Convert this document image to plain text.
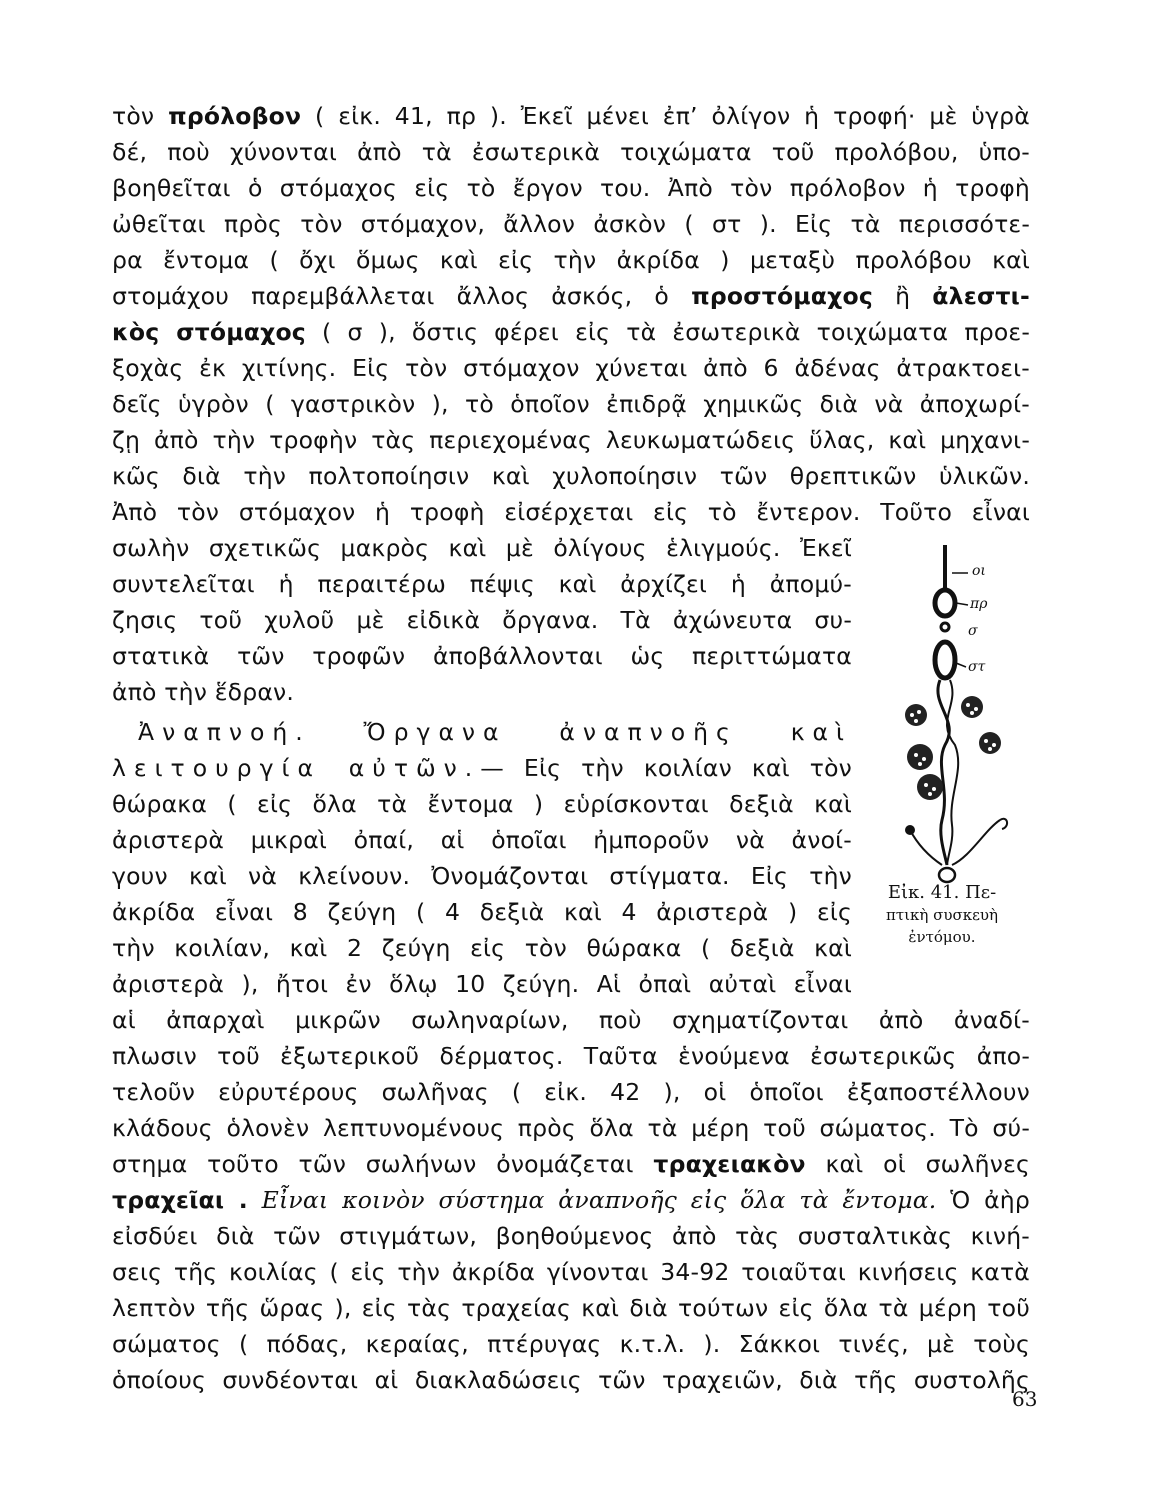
τὸν πρόλοβον ( εἰκ. 41, πρ ). Ἐκεῖ μένει ἐπ’ ὀλίγον ἡ τροφή· μὲ ὑγρὰ
δέ, ποὺ χύνονται ἀπὸ τὰ ἐσωτερικὰ τοιχώματα τοῦ προλόβου, ὑπο-
βοηθεῖται ὁ στόμαχος εἰς τὸ ἔργον του. Ἀπὸ τὸν πρόλοβον ἡ τροφὴ
ὠθεῖται πρὸς τὸν στόμαχον, ἄλλον ἀσκὸν ( στ ). Εἰς τὰ περισσότε-
ρα ἔντομα ( ὄχι ὅμως καὶ εἰς τὴν ἀκρίδα ) μεταξὺ προλόβου καὶ
στομάχου παρεμβάλλεται ἄλλος ἀσκός, ὁ προστόμαχος ἢ ἀλεστι-
κὸς στόμαχος ( σ ), ὅστις φέρει εἰς τὰ ἐσωτερικὰ τοιχώματα προε-
ξοχὰς ἐκ χιτίνης. Εἰς τὸν στόμαχον χύνεται ἀπὸ 6 ἀδένας ἀτρακτοει-
δεῖς ὑγρὸν ( γαστρικὸν ), τὸ ὁποῖον ἐπιδρᾷ χημικῶς διὰ νὰ ἀποχωρί-
ζῃ ἀπὸ τὴν τροφὴν τὰς περιεχομένας λευκωματώδεις ὕλας, καὶ μηχανι-
κῶς διὰ τὴν πολτοποίησιν καὶ χυλοποίησιν τῶν θρεπτικῶν ὑλικῶν.
Ἀπὸ τὸν στόμαχον ἡ τροφὴ εἰσέρχεται εἰς τὸ ἔντερον. Τοῦτο εἶναι
σωλὴν σχετικῶς μακρὸς καὶ μὲ ὀλίγους ἑλιγμούς. Ἐκεῖ
συντελεῖται ἡ περαιτέρω πέψις καὶ ἀρχίζει ἡ ἀπομύ-
ζησις τοῦ χυλοῦ μὲ εἰδικὰ ὄργανα. Τὰ ἀχώνευτα συ-
στατικὰ τῶν τροφῶν ἀποβάλλονται ὡς περιττώματα
ἀπὸ τὴν ἕδραν.
Ἀναπνοή. Ὄργανα ἀναπνοῆς καὶ
λειτουργία αὐτῶν.— Εἰς τὴν κοιλίαν καὶ τὸν
θώρακα ( εἰς ὅλα τὰ ἔντομα ) εὑρίσκονται δεξιὰ καὶ
ἀριστερὰ μικραὶ ὀπαί, αἱ ὁποῖαι ἠμποροῦν νὰ ἀνοί-
γουν καὶ νὰ κλείνουν. Ὀνομάζονται στίγματα. Εἰς τὴν
ἀκρίδα εἶναι 8 ζεύγη ( 4 δεξιὰ καὶ 4 ἀριστερὰ ) εἰς
τὴν κοιλίαν, καὶ 2 ζεύγη εἰς τὸν θώρακα ( δεξιὰ καὶ
ἀριστερὰ ), ἤτοι ἐν ὅλῳ 10 ζεύγη. Αἱ ὀπαὶ αὐταὶ εἶναι
αἱ ἀπαρχαὶ μικρῶν σωληναρίων, ποὺ σχηματίζονται ἀπὸ ἀναδί-
πλωσιν τοῦ ἐξωτερικοῦ δέρματος. Ταῦτα ἑνούμενα ἐσωτερικῶς ἀπο-
τελοῦν εὐρυτέρους σωλῆνας ( εἰκ. 42 ), οἱ ὁποῖοι ἐξαποστέλλουν
κλάδους ὁλονὲν λεπτυνομένους πρὸς ὅλα τὰ μέρη τοῦ σώματος. Τὸ σύ-
στημα τοῦτο τῶν σωλήνων ὀνομάζεται τραχειακὸν καὶ οἱ σωλῆνες
τραχεῖαι . Εἶναι κοινὸν σύστημα ἀναπνοῆς εἰς ὅλα τὰ ἔντομα. Ὁ ἀὴρ
εἰσδύει διὰ τῶν στιγμάτων, βοηθούμενος ἀπὸ τὰς συσταλτικὰς κινή-
σεις τῆς κοιλίας ( εἰς τὴν ἀκρίδα γίνονται 34-92 τοιαῦται κινήσεις κατὰ
λεπτὸν τῆς ὥρας ), εἰς τὰς τραχείας καὶ διὰ τούτων εἰς ὅλα τὰ μέρη τοῦ
σώματος ( πόδας, κεραίας, πτέρυγας κ.τ.λ. ). Σάκκοι τινές, μὲ τοὺς
ὁποίους συνδέονται αἱ διακλαδώσεις τῶν τραχειῶν, διὰ τῆς συστολῆς
οι
πρ
σ
στ
Εἰκ. 41. Πε-
πτικὴ συσκευὴ
ἐντόμου.
63
